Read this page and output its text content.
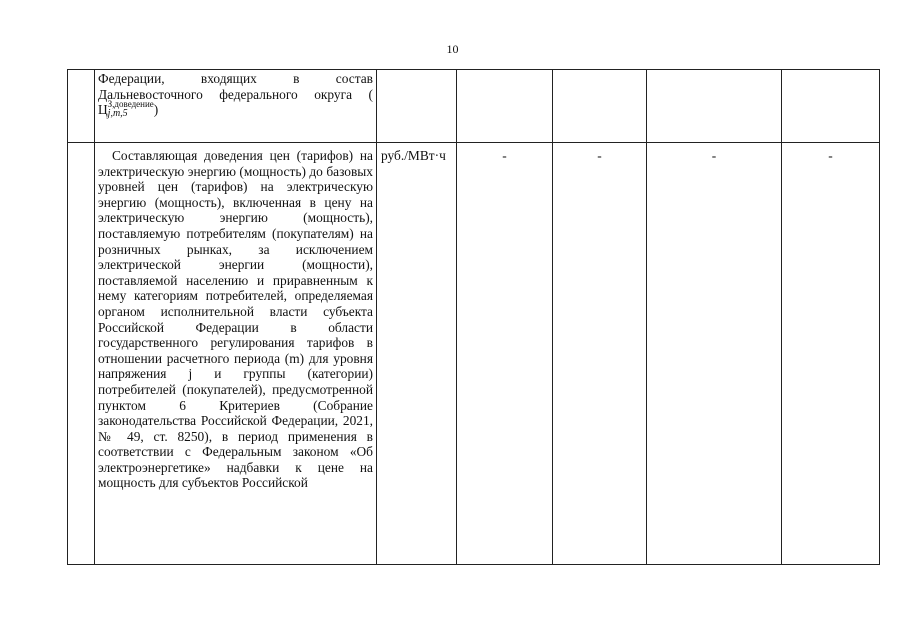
10

	Федерации, входящих в состав Дальневосточного федерального округа (Ц З,доведение
j,m,5 )					

	Составляющая доведения цен (тарифов) на электрическую энергию (мощность) до базовых уровней цен (тарифов) на электрическую энергию (мощность), включенная в цену на электрическую энергию (мощность), поставляемую потребителям (покупателям) на розничных рынках, за исключением электрической энергии (мощности), поставляемой населению и приравненным к нему категориям потребителей, определяемая органом исполнительной власти субъекта Российской Федерации в области государственного регулирования тарифов в отношении расчетного периода (m) для уровня напряжения j и группы (категории) потребителей (покупателей), предусмотренной пунктом 6 Критериев (Собрание законодательства Российской Федерации, 2021, № 49, ст. 8250), в период применения в соответствии с Федеральным законом «Об электроэнергетике» надбавки к цене на мощность для субъектов Российской	руб./МВт·ч	-	-	-	-
